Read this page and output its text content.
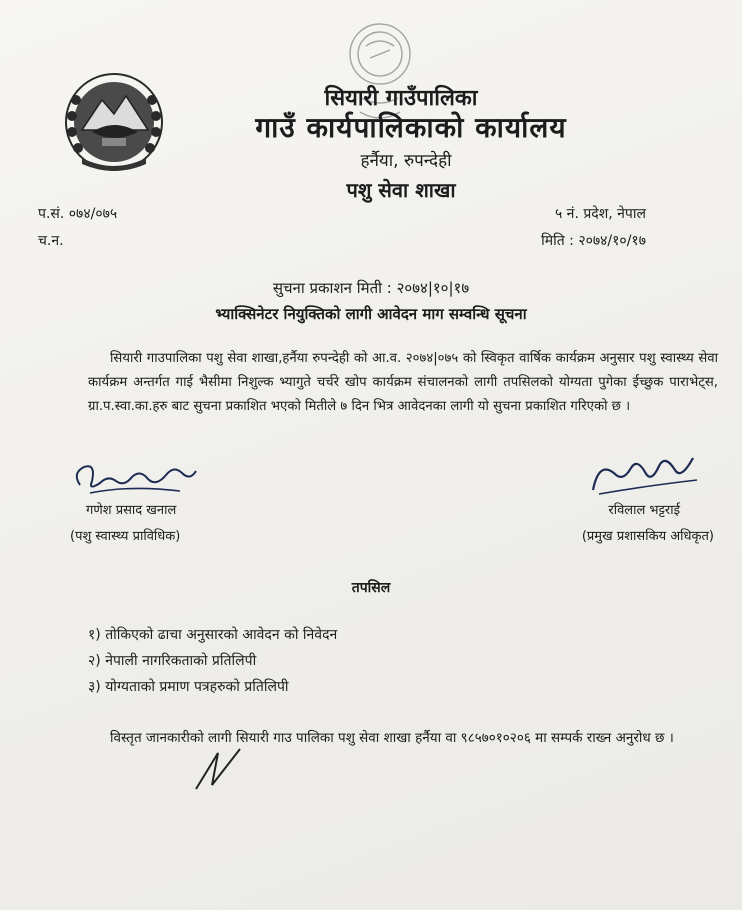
सियारी गाउँपालिका
गाउँ कार्यपालिकाको कार्यालय
हर्नैया, रुपन्देही
पशु सेवा शाखा
प.सं. ०७४/०७५
च.न.
५ नं. प्रदेश, नेपाल
मिति : २०७४/१०/१७
सुचना प्रकाशन मिती : २०७४|१०|१७
भ्याक्सिनेटर नियुक्तिको लागी आवेदन माग सम्वन्धि सूचना
सियारी गाउपालिका पशु सेवा शाखा,हर्नैया रुपन्देही को आ.व. २०७४|०७५ को स्विकृत वार्षिक कार्यक्रम अनुसार पशु स्वास्थ्य सेवा कार्यक्रम अन्तर्गत गाई भैसीमा निशुल्क भ्यागुते चर्चरे खोप कार्यक्रम संचालनको लागी तपसिलको योग्यता पुगेका ईच्छुक पाराभेट्स, ग्रा.प.स्वा.का.हरु बाट सुचना प्रकाशित भएको मितीले ७ दिन भित्र आवेदनका लागी यो सुचना प्रकाशित गरिएको छ ।
गणेश प्रसाद खनाल
(पशु स्वास्थ्य प्राविधिक)
रविलाल भट्टराई
(प्रमुख प्रशासकिय अधिकृत)
तपसिल
१) तोकिएको ढाचा अनुसारको आवेदन को निवेदन
२) नेपाली नागरिकताको प्रतिलिपी
३) योग्यताको प्रमाण पत्रहरुको प्रतिलिपी
विस्तृत जानकारीको लागी सियारी गाउ पालिका पशु सेवा शाखा हर्नैया वा ९८५७०१०२०६ मा सम्पर्क राख्न अनुरोध छ ।
